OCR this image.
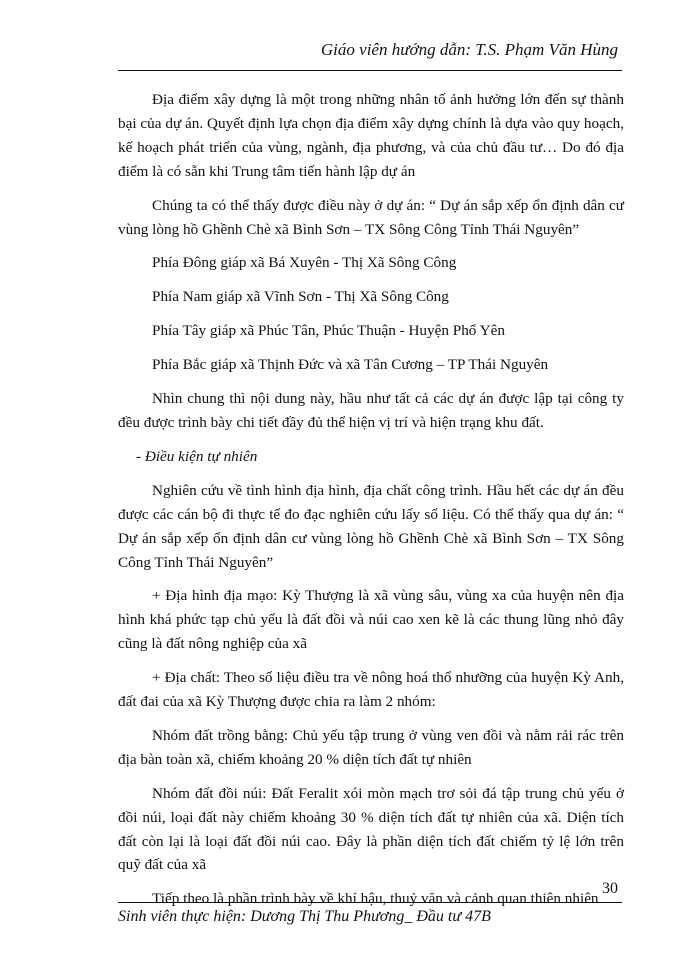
Giáo viên hướng dẫn: T.S. Phạm Văn Hùng

Địa điểm xây dựng là một trong những nhân tố ảnh hưởng lớn đến sự thành bại của dự án. Quyết định lựa chọn địa điểm xây dựng chính là dựa vào quy hoạch, kế hoạch phát triển của vùng, ngành, địa phương, và của chủ đầu tư… Do đó địa điểm là có sẵn khi Trung tâm tiến hành lập dự án

Chúng ta có thể thấy được điều này ở dự án: “ Dự án sắp xếp ổn định dân cư vùng lòng hồ Ghềnh Chè xã Bình Sơn – TX Sông Công Tỉnh Thái Nguyên”

Phía Đông giáp xã Bá Xuyên - Thị Xã Sông Công

Phía Nam giáp xã Vĩnh Sơn - Thị Xã Sông Công

Phía Tây giáp xã Phúc Tân, Phúc Thuận - Huyện Phổ Yên

Phía Bắc giáp xã Thịnh Đức và xã Tân Cương – TP Thái Nguyên

Nhìn chung thì nội dung này, hầu như tất cả các dự án được lập tại công ty đều được trình bày chi tiết đầy đủ thể hiện vị trí và hiện trạng khu đất.

- Điều kiện tự nhiên

Nghiên cứu về tình hình địa hình, địa chất công trình. Hầu hết các dự án đều được các cán bộ đi thực tế đo đạc nghiên cứu lấy số liệu. Có thể thấy qua dự án: “ Dự án sắp xếp ổn định dân cư vùng lòng hồ Ghềnh Chè xã Bình Sơn – TX Sông Công Tỉnh Thái Nguyên”

+ Địa hình địa mạo: Kỳ Thượng là xã vùng sâu, vùng xa của huyện nên địa hình khá phức tạp chủ yếu là đất đồi và núi cao xen kẽ là các thung lũng nhỏ đây cũng là đất nông nghiệp của xã

+ Địa chất: Theo số liệu điều tra về nông hoá thổ nhưỡng của huyện Kỳ Anh, đất đai của xã Kỳ Thượng được chia ra làm 2 nhóm:

Nhóm đất trồng bằng: Chủ yếu tập trung ở vùng ven đồi và nằm rải rác trên địa bàn toàn xã, chiếm khoảng 20 % diện tích đất tự nhiên

Nhóm đất đồi núi: Đất Feralit xói mòn mạch trơ sỏi đá tập trung chủ yếu ở đồi núi, loại đất này chiếm khoảng 30 % diện tích đất tự nhiên của xã. Diện tích đất còn lại là loại đất đồi núi cao. Đây là phần diện tích đất chiếm tỷ lệ lớn trên quỹ đất của xã

Tiếp theo là phần trình bày về khí hậu, thuỷ văn và cảnh quan thiên nhiên

30
Sinh viên thực hiện: Dương Thị Thu Phương_ Đầu tư 47B
